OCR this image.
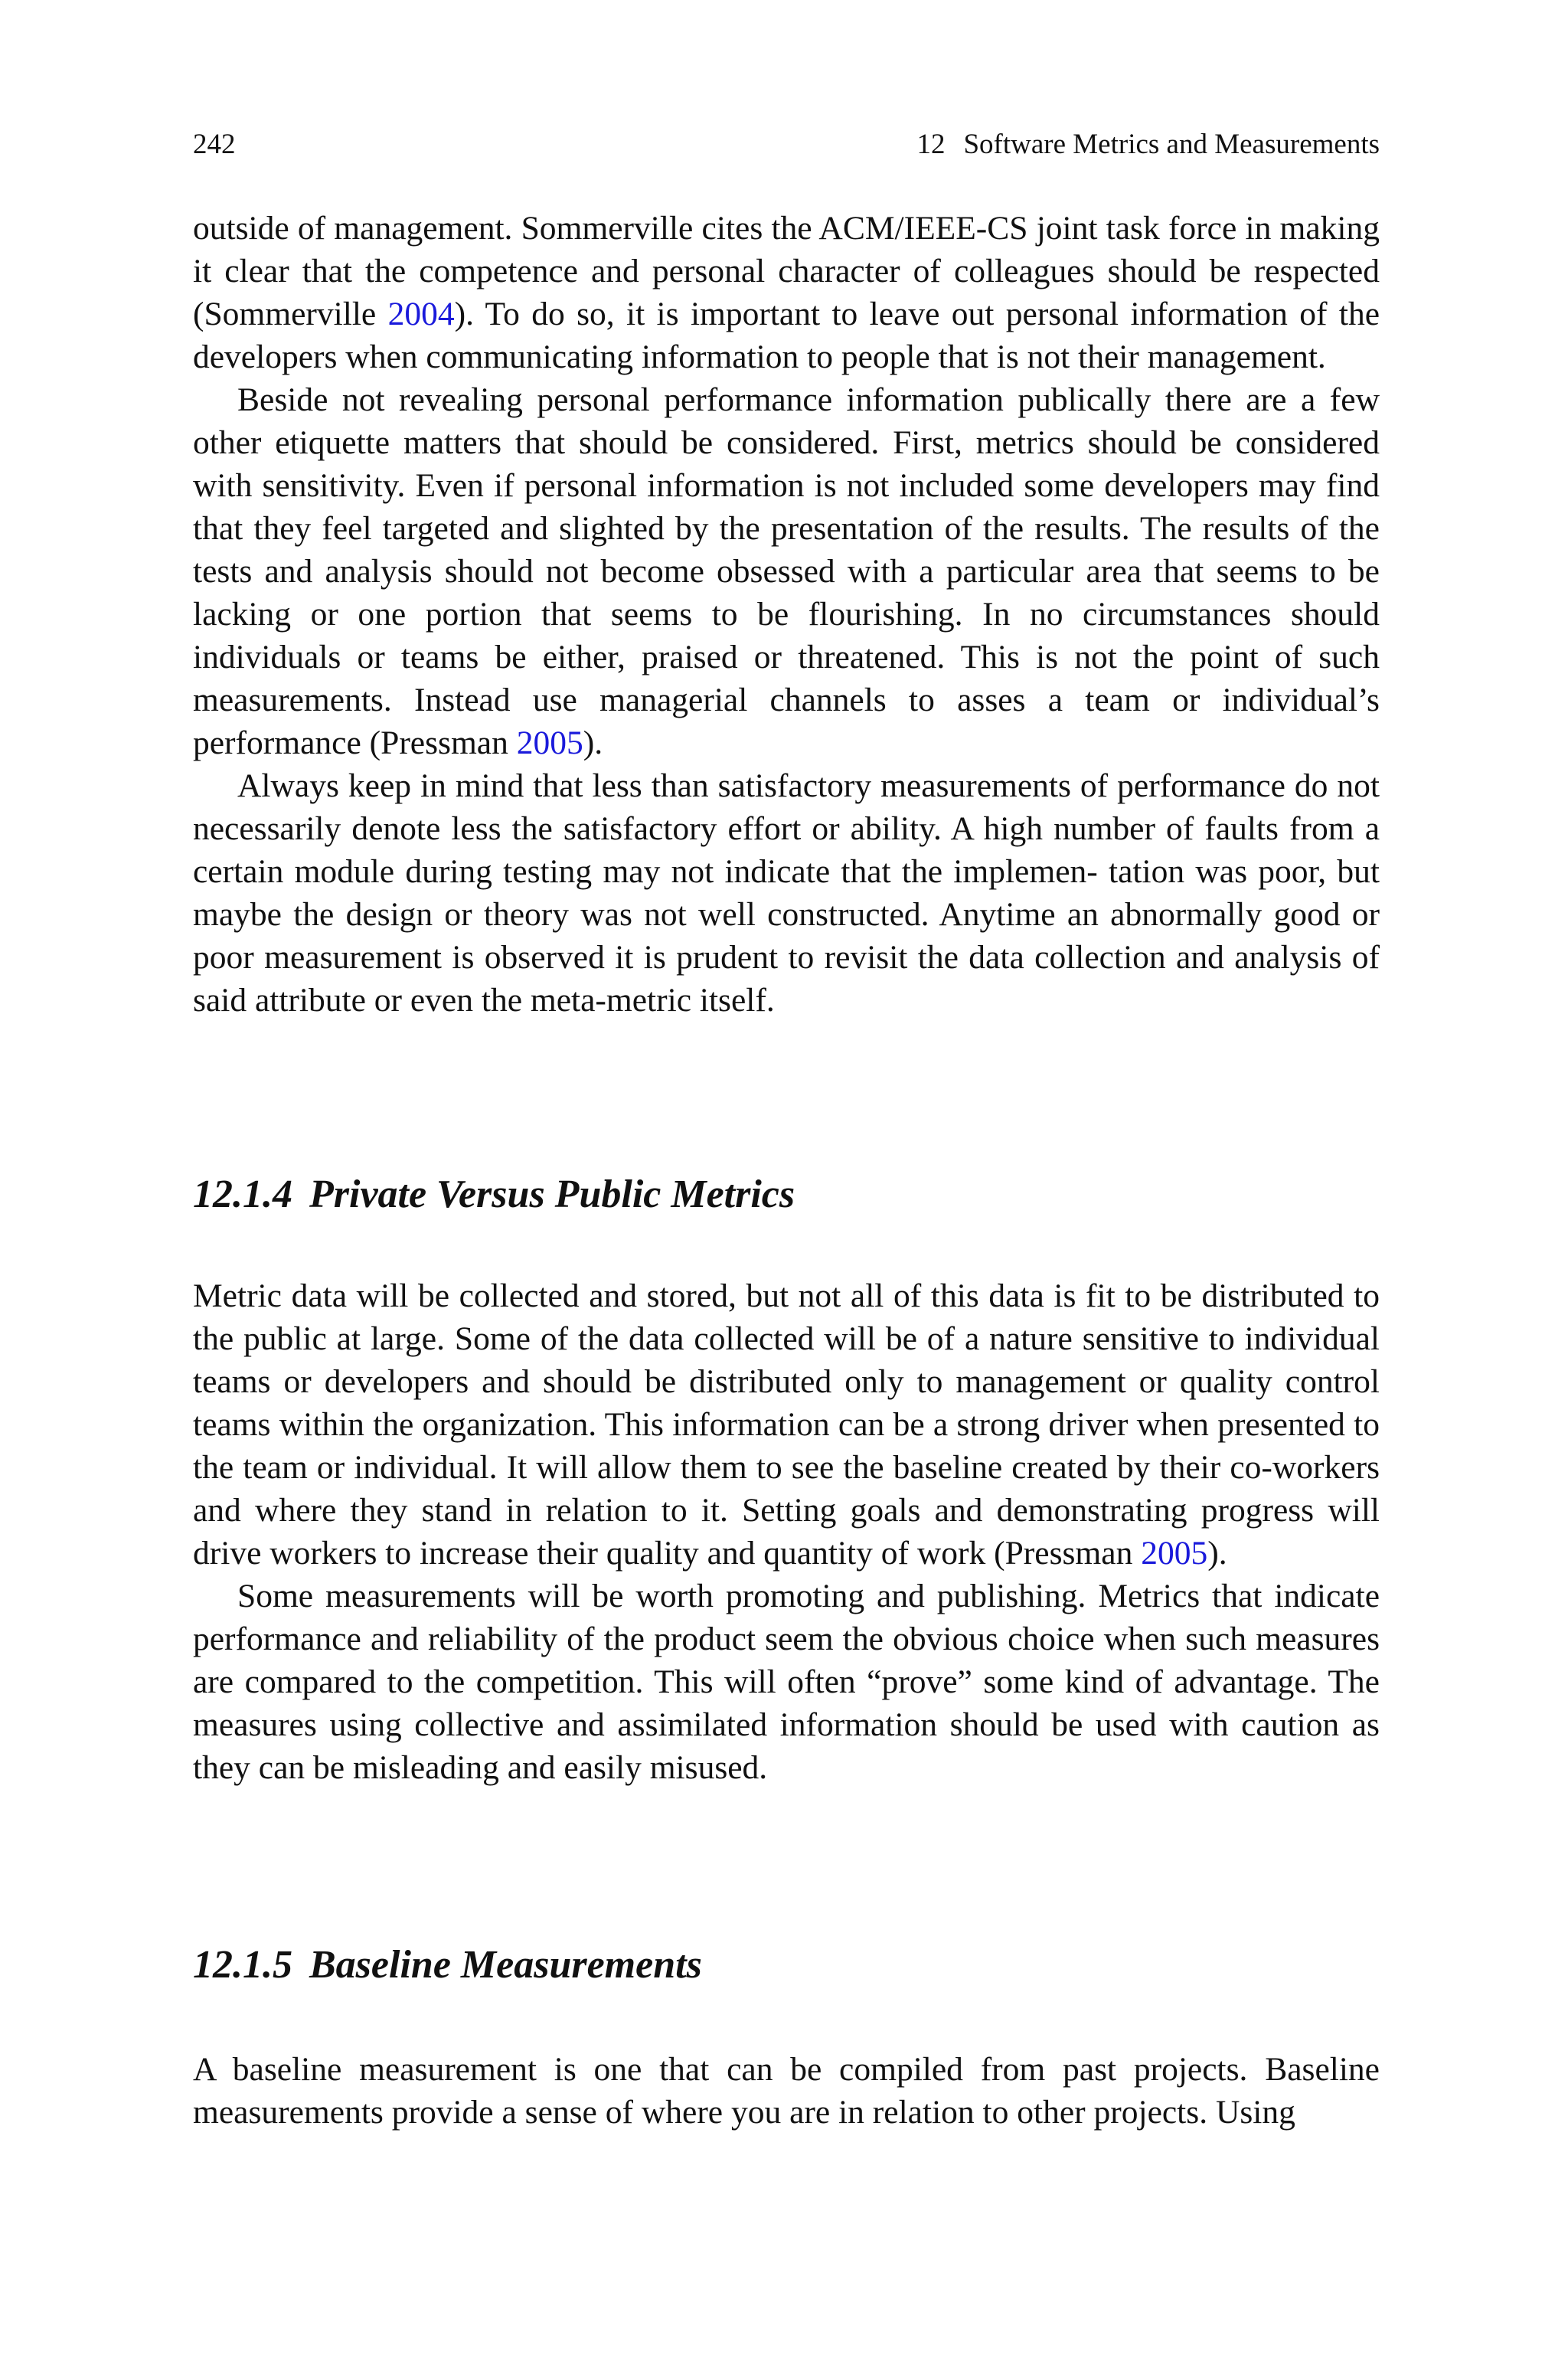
242	12 Software Metrics and Measurements

outside of management. Sommerville cites the ACM/IEEE-CS joint task force in making it clear that the competence and personal character of colleagues should be respected (Sommerville 2004). To do so, it is important to leave out personal information of the developers when communicating information to people that is not their management.

Beside not revealing personal performance information publically there are a few other etiquette matters that should be considered. First, metrics should be considered with sensitivity. Even if personal information is not included some developers may find that they feel targeted and slighted by the presentation of the results. The results of the tests and analysis should not become obsessed with a particular area that seems to be lacking or one portion that seems to be flourishing. In no circumstances should individuals or teams be either, praised or threatened. This is not the point of such measurements. Instead use managerial channels to asses a team or individual’s performance (Pressman 2005).

Always keep in mind that less than satisfactory measurements of performance do not necessarily denote less the satisfactory effort or ability. A high number of faults from a certain module during testing may not indicate that the implemen- tation was poor, but maybe the design or theory was not well constructed. Anytime an abnormally good or poor measurement is observed it is prudent to revisit the data collection and analysis of said attribute or even the meta-metric itself.

12.1.4 Private Versus Public Metrics

Metric data will be collected and stored, but not all of this data is fit to be distributed to the public at large. Some of the data collected will be of a nature sensitive to individual teams or developers and should be distributed only to management or quality control teams within the organization. This information can be a strong driver when presented to the team or individual. It will allow them to see the baseline created by their co-workers and where they stand in relation to it. Setting goals and demonstrating progress will drive workers to increase their quality and quantity of work (Pressman 2005).

Some measurements will be worth promoting and publishing. Metrics that indicate performance and reliability of the product seem the obvious choice when such measures are compared to the competition. This will often “prove” some kind of advantage. The measures using collective and assimilated information should be used with caution as they can be misleading and easily misused.

12.1.5 Baseline Measurements

A baseline measurement is one that can be compiled from past projects. Baseline measurements provide a sense of where you are in relation to other projects. Using
